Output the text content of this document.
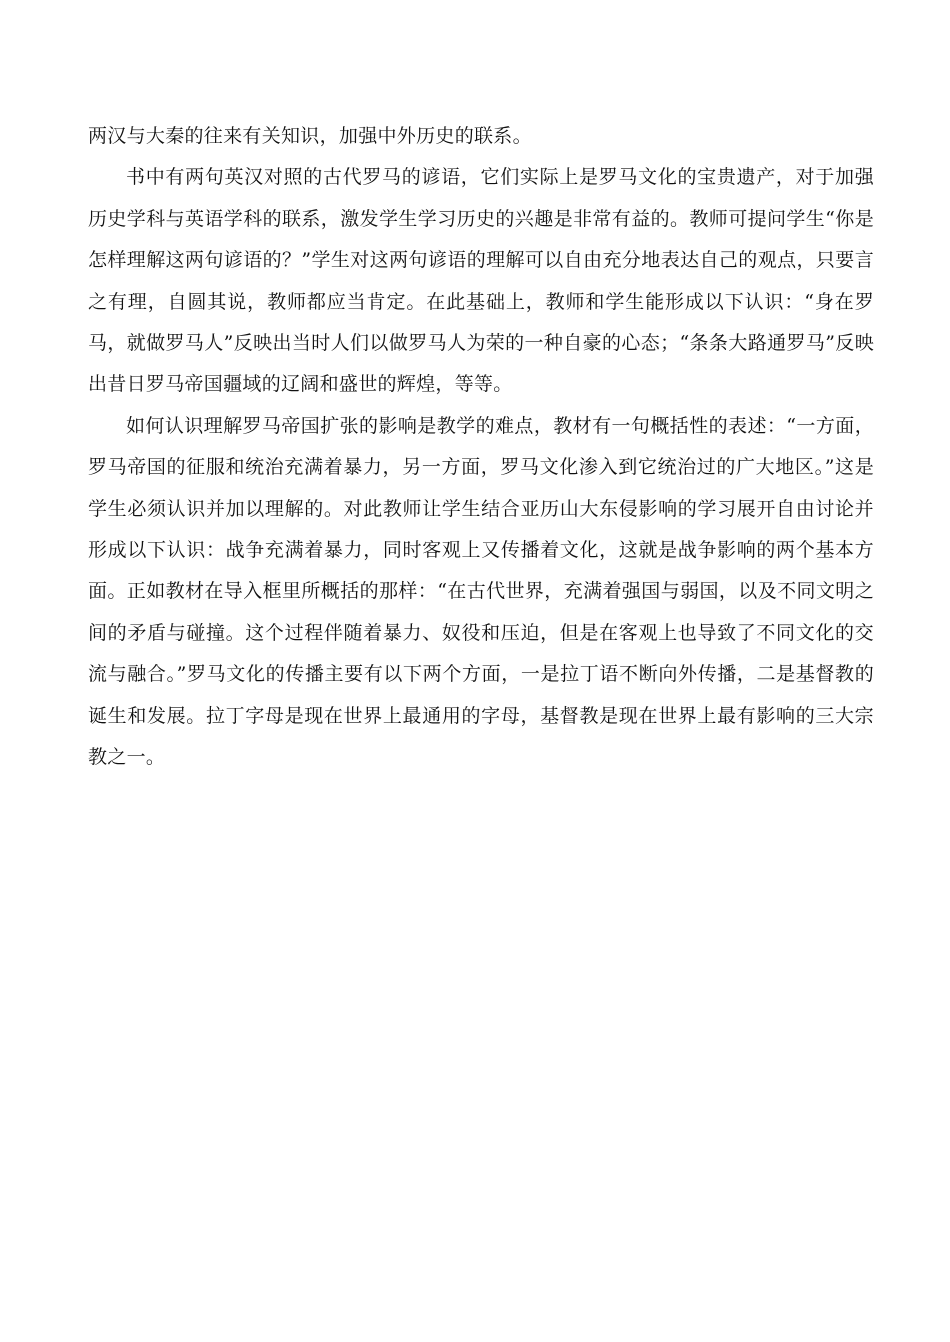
两汉与大秦的往来有关知识，加强中外历史的联系。

书中有两句英汉对照的古代罗马的谚语，它们实际上是罗马文化的宝贵遗产，对于加强历史学科与英语学科的联系，激发学生学习历史的兴趣是非常有益的。教师可提问学生“你是怎样理解这两句谚语的？”学生对这两句谚语的理解可以自由充分地表达自己的观点，只要言之有理，自圆其说，教师都应当肯定。在此基础上，教师和学生能形成以下认识：“身在罗马，就做罗马人”反映出当时人们以做罗马人为荣的一种自豪的心态；“条条大路通罗马”反映出昔日罗马帝国疆域的辽阔和盛世的辉煌，等等。

如何认识理解罗马帝国扩张的影响是教学的难点，教材有一句概括性的表述：“一方面，罗马帝国的征服和统治充满着暴力，另一方面，罗马文化渗入到它统治过的广大地区。”这是学生必须认识并加以理解的。对此教师让学生结合亚历山大东侵影响的学习展开自由讨论并形成以下认识：战争充满着暴力，同时客观上又传播着文化，这就是战争影响的两个基本方面。正如教材在导入框里所概括的那样：“在古代世界，充满着强国与弱国，以及不同文明之间的矛盾与碰撞。这个过程伴随着暴力、奴役和压迫，但是在客观上也导致了不同文化的交流与融合。”罗马文化的传播主要有以下两个方面，一是拉丁语不断向外传播，二是基督教的诞生和发展。拉丁字母是现在世界上最通用的字母，基督教是现在世界上最有影响的三大宗教之一。
